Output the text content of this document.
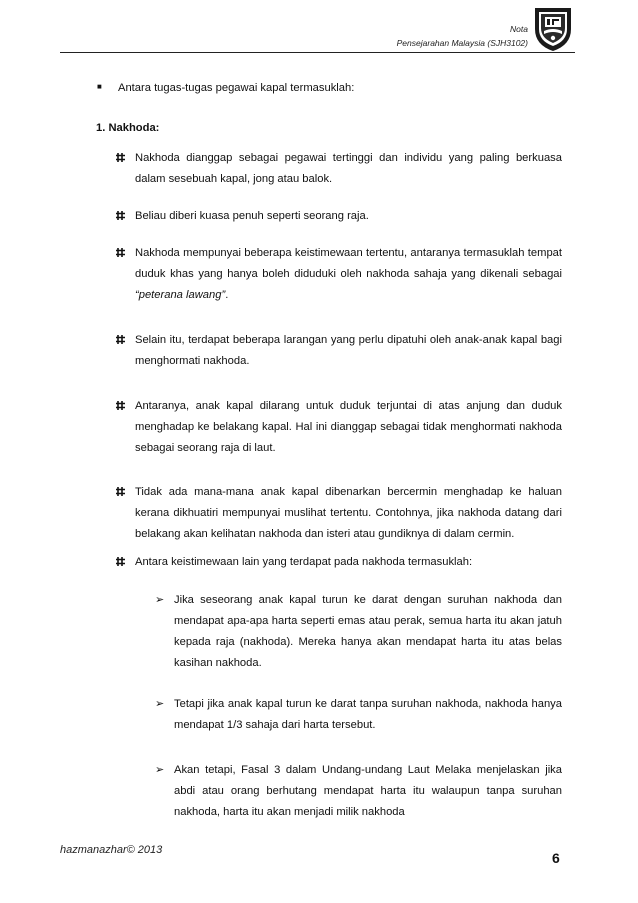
Nota
Pensejarahan Malaysia (SJH3102)
■ Antara tugas-tugas pegawai kapal termasuklah:
1. Nakhoda:
Nakhoda dianggap sebagai pegawai tertinggi dan individu yang paling berkuasa dalam sesebuah kapal, jong atau balok.
Beliau diberi kuasa penuh seperti seorang raja.
Nakhoda mempunyai beberapa keistimewaan tertentu, antaranya termasuklah tempat duduk khas yang hanya boleh diduduki oleh nakhoda sahaja yang dikenali sebagai “peterana lawang”.
Selain itu, terdapat beberapa larangan yang perlu dipatuhi oleh anak-anak kapal bagi menghormati nakhoda.
Antaranya, anak kapal dilarang untuk duduk terjuntai di atas anjung dan duduk menghadap ke belakang kapal. Hal ini dianggap sebagai tidak menghormati nakhoda sebagai seorang raja di laut.
Tidak ada mana-mana anak kapal dibenarkan bercermin menghadap ke haluan kerana dikhuatiri mempunyai muslihat tertentu. Contohnya, jika nakhoda datang dari belakang akan kelihatan nakhoda dan isteri atau gundiknya di dalam cermin.
Antara keistimewaan lain yang terdapat pada nakhoda termasuklah:
➢ Jika seseorang anak kapal turun ke darat dengan suruhan nakhoda dan mendapat apa-apa harta seperti emas atau perak, semua harta itu akan jatuh kepada raja (nakhoda). Mereka hanya akan mendapat harta itu atas belas kasihan nakhoda.
➢ Tetapi jika anak kapal turun ke darat tanpa suruhan nakhoda, nakhoda hanya mendapat 1/3 sahaja dari harta tersebut.
➢ Akan tetapi, Fasal 3 dalam Undang-undang Laut Melaka menjelaskan jika abdi atau orang berhutang mendapat harta itu walaupun tanpa suruhan nakhoda, harta itu akan menjadi milik nakhoda
hazmanazhar© 2013	6
